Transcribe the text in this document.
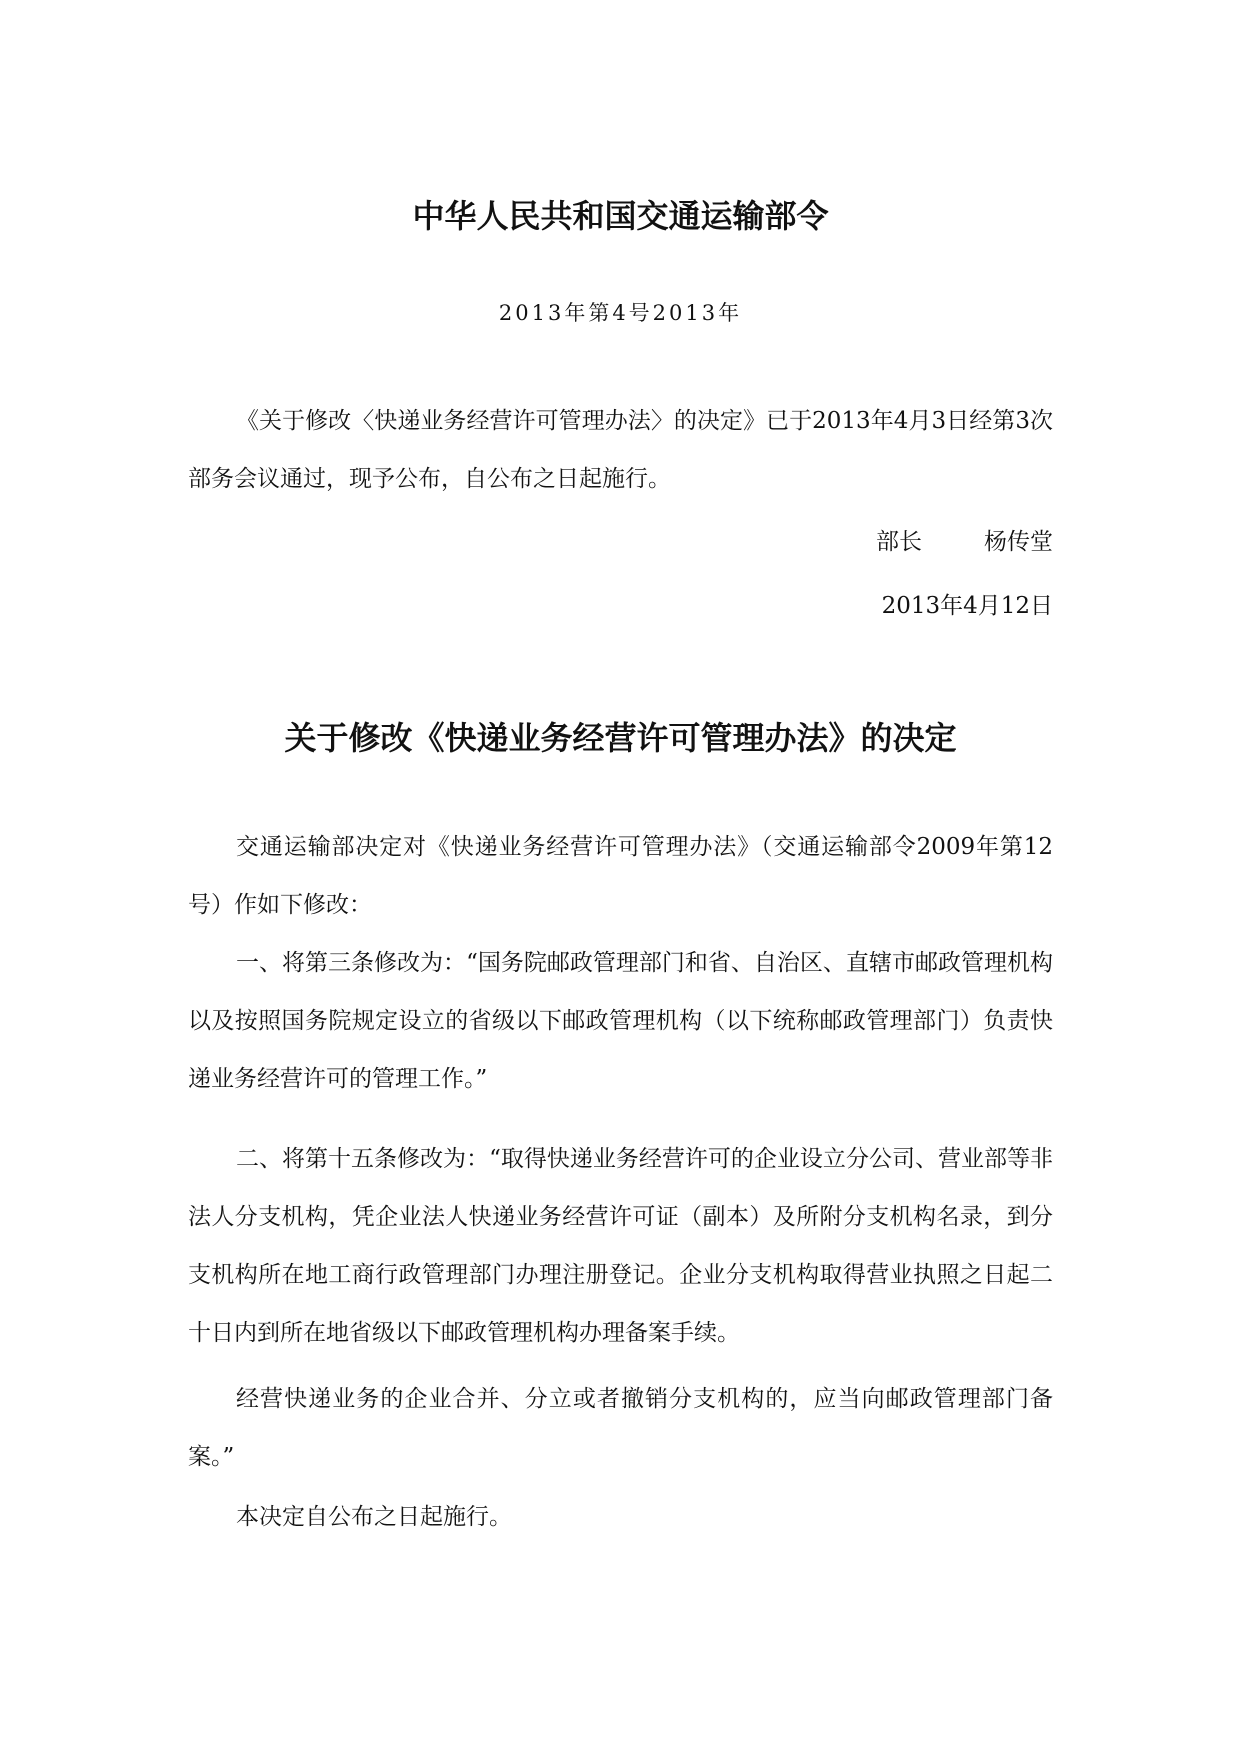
中华人民共和国交通运输部令
2013年第4号2013年

《关于修改〈快递业务经营许可管理办法〉的决定》已于2013年4月3日经第3次部务会议通过，现予公布，自公布之日起施行。

部长	杨传堂
2013年4月12日
关于修改《快递业务经营许可管理办法》的决定

交通运输部决定对《快递业务经营许可管理办法》（交通运输部令2009年第12号）作如下修改：

一、将第三条修改为：“国务院邮政管理部门和省、自治区、直辖市邮政管理机构以及按照国务院规定设立的省级以下邮政管理机构（以下统称邮政管理部门）负责快递业务经营许可的管理工作。”

二、将第十五条修改为：“取得快递业务经营许可的企业设立分公司、营业部等非法人分支机构，凭企业法人快递业务经营许可证（副本）及所附分支机构名录，到分支机构所在地工商行政管理部门办理注册登记。企业分支机构取得营业执照之日起二十日内到所在地省级以下邮政管理机构办理备案手续。

经营快递业务的企业合并、分立或者撤销分支机构的，应当向邮政管理部门备案。”

本决定自公布之日起施行。
